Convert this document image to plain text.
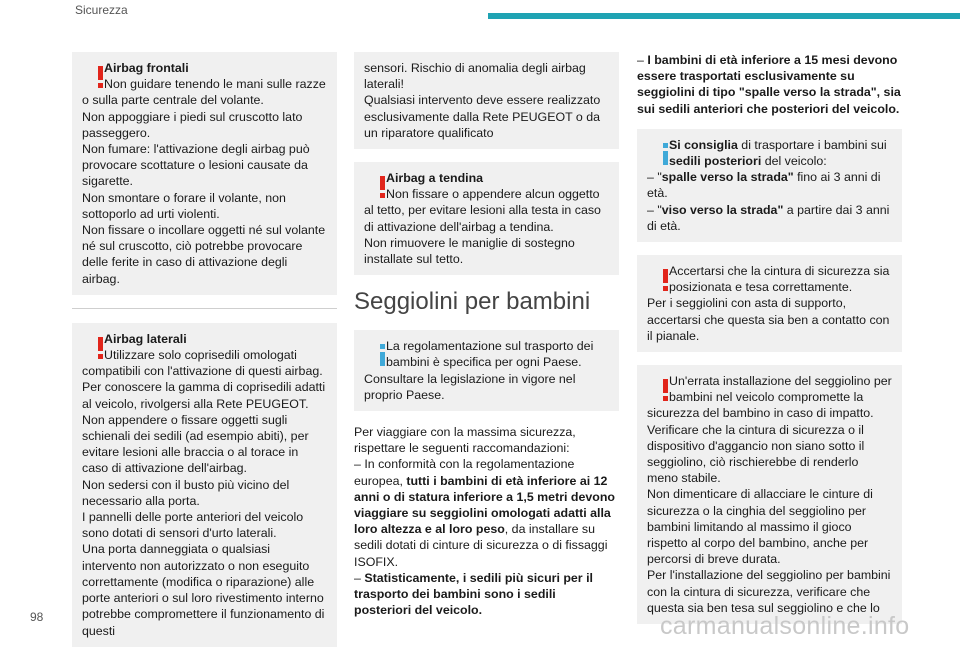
Sicurezza
Airbag frontali
Non guidare tenendo le mani sulle razze
o sulla parte centrale del volante.
Non appoggiare i piedi sul cruscotto lato passeggero.
Non fumare: l'attivazione degli airbag può provocare scottature o lesioni causate da sigarette.
Non smontare o forare il volante, non sottoporlo ad urti violenti.
Non fissare o incollare oggetti né sul volante né sul cruscotto, ciò potrebbe provocare delle ferite in caso di attivazione degli airbag.
Airbag laterali
Utilizzare solo coprisedili omologati
compatibili con l'attivazione di questi airbag. Per conoscere la gamma di coprisedili adatti al veicolo, rivolgersi alla Rete PEUGEOT.
Non appendere o fissare oggetti sugli schienali dei sedili (ad esempio abiti), per evitare lesioni alle braccia o al torace in caso di attivazione dell'airbag.
Non sedersi con il busto più vicino del necessario alla porta.
I pannelli delle porte anteriori del veicolo sono dotati di sensori d'urto laterali.
Una porta danneggiata o qualsiasi intervento non autorizzato o non eseguito correttamente (modifica o riparazione) alle porte anteriori o sul loro rivestimento interno potrebbe compromettere il funzionamento di questi
sensori. Rischio di anomalia degli airbag laterali!
Qualsiasi intervento deve essere realizzato esclusivamente dalla Rete PEUGEOT o da un riparatore qualificato
Airbag a tendina
Non fissare o appendere alcun oggetto
al tetto, per evitare lesioni alla testa in caso di attivazione dell'airbag a tendina.
Non rimuovere le maniglie di sostegno installate sul tetto.
Seggiolini per bambini
La regolamentazione sul trasporto dei
bambini è specifica per ogni Paese.
Consultare la legislazione in vigore nel proprio Paese.
Per viaggiare con la massima sicurezza, rispettare le seguenti raccomandazioni:
– In conformità con la regolamentazione europea, tutti i bambini di età inferiore ai 12 anni o di statura inferiore a 1,5 metri devono viaggiare su seggiolini omologati adatti alla loro altezza e al loro peso, da installare su sedili dotati di cinture di sicurezza o di fissaggi ISOFIX.
– Statisticamente, i sedili più sicuri per il trasporto dei bambini sono i sedili posteriori del veicolo.
– I bambini di età inferiore a 15 mesi devono essere trasportati esclusivamente su seggiolini di tipo "spalle verso la strada", sia sui sedili anteriori che posteriori del veicolo.
Si consiglia di trasportare i bambini sui
sedili posteriori del veicolo:
– "spalle verso la strada" fino ai 3 anni di età.
– "viso verso la strada" a partire dai 3 anni di età.
Accertarsi che la cintura di sicurezza sia
posizionata e tesa correttamente.
Per i seggiolini con asta di supporto, accertarsi che questa sia ben a contatto con il pianale.
Un'errata installazione del seggiolino per
bambini nel veicolo compromette la
sicurezza del bambino in caso di impatto.
Verificare che la cintura di sicurezza o il dispositivo d'aggancio non siano sotto il seggiolino, ciò rischierebbe di renderlo meno stabile.
Non dimenticare di allacciare le cinture di sicurezza o la cinghia del seggiolino per bambini limitando al massimo il gioco rispetto al corpo del bambino, anche per percorsi di breve durata.
Per l'installazione del seggiolino per bambini con la cintura di sicurezza, verificare che questa sia ben tesa sul seggiolino e che lo
98	carmanualsonline.info
